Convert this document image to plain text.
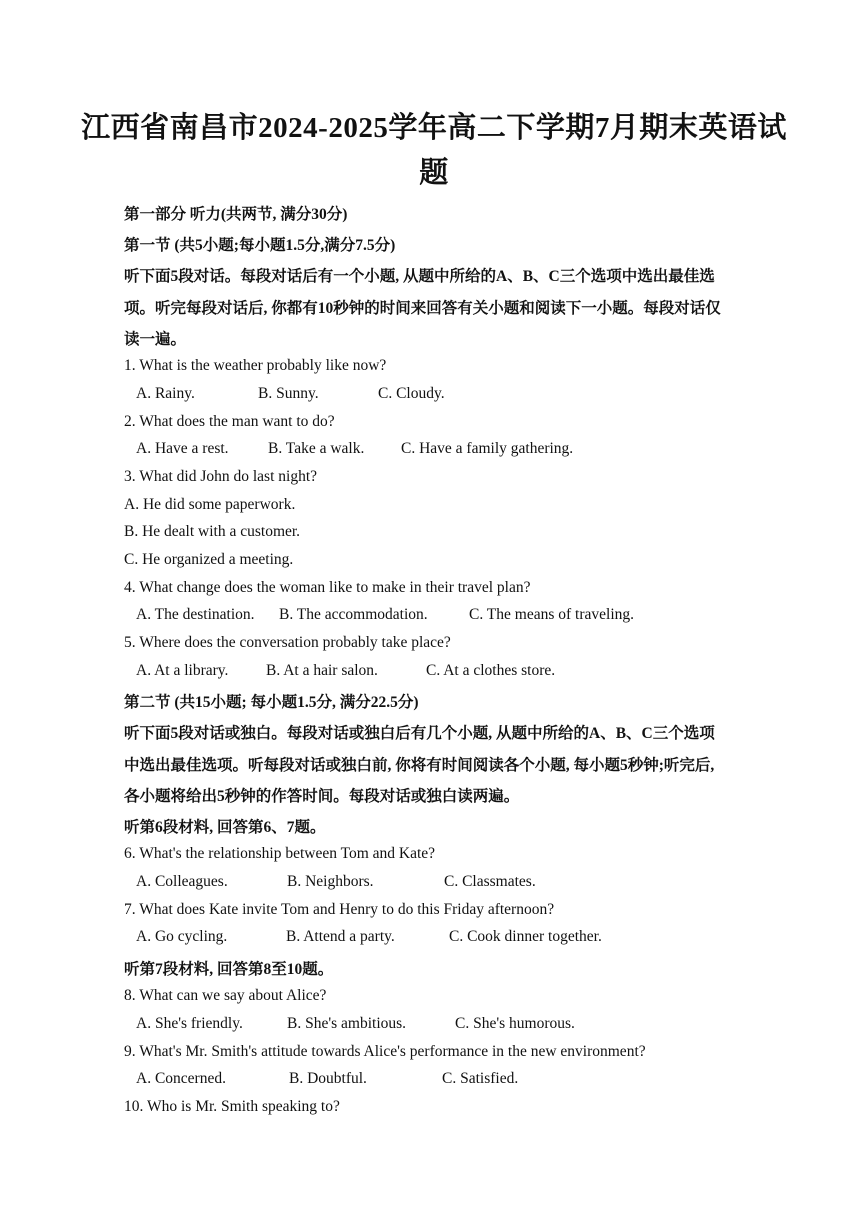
江西省南昌市2024-2025学年高二下学期7月期末英语试
题
第一部分 听力(共两节, 满分30分)
第一节 (共5小题;每小题1.5分,满分7.5分)
听下面5段对话。每段对话后有一个小题, 从题中所给的A、B、C三个选项中选出最佳选
项。听完每段对话后, 你都有10秒钟的时间来回答有关小题和阅读下一小题。每段对话仅
读一遍。
1. What is the weather probably like now?
A. Rainy.	B. Sunny.	C. Cloudy.
2. What does the man want to do?
A. Have a rest.	B. Take a walk. C. Have a family gathering.
3. What did John do last night?
A. He did some paperwork.
B. He dealt with a customer.
C. He organized a meeting.
4. What change does the woman like to make in their travel plan?
A. The destination. B. The accommodation.	C. The means of traveling.
5. Where does the conversation probably take place?
A. At a library. B. At a hair salon.	C. At a clothes store.
第二节 (共15小题; 每小题1.5分, 满分22.5分)
听下面5段对话或独白。每段对话或独白后有几个小题, 从题中所给的A、B、C三个选项
中选出最佳选项。听每段对话或独白前, 你将有时间阅读各个小题, 每小题5秒钟;听完后,
各小题将给出5秒钟的作答时间。每段对话或独白读两遍。
听第6段材料, 回答第6、7题。
6. What's the relationship between Tom and Kate?
A. Colleagues.	B. Neighbors.	C. Classmates.
7. What does Kate invite Tom and Henry to do this Friday afternoon?
A. Go cycling.	B. Attend a party.	C. Cook dinner together.
听第7段材料, 回答第8至10题。
8. What can we say about Alice?
A. She's friendly.	B. She's ambitious.	C. She's humorous.
9. What's Mr. Smith's attitude towards Alice's performance in the new environment?
A. Concerned.	B. Doubtful.	C. Satisfied.
10. Who is Mr. Smith speaking to?
